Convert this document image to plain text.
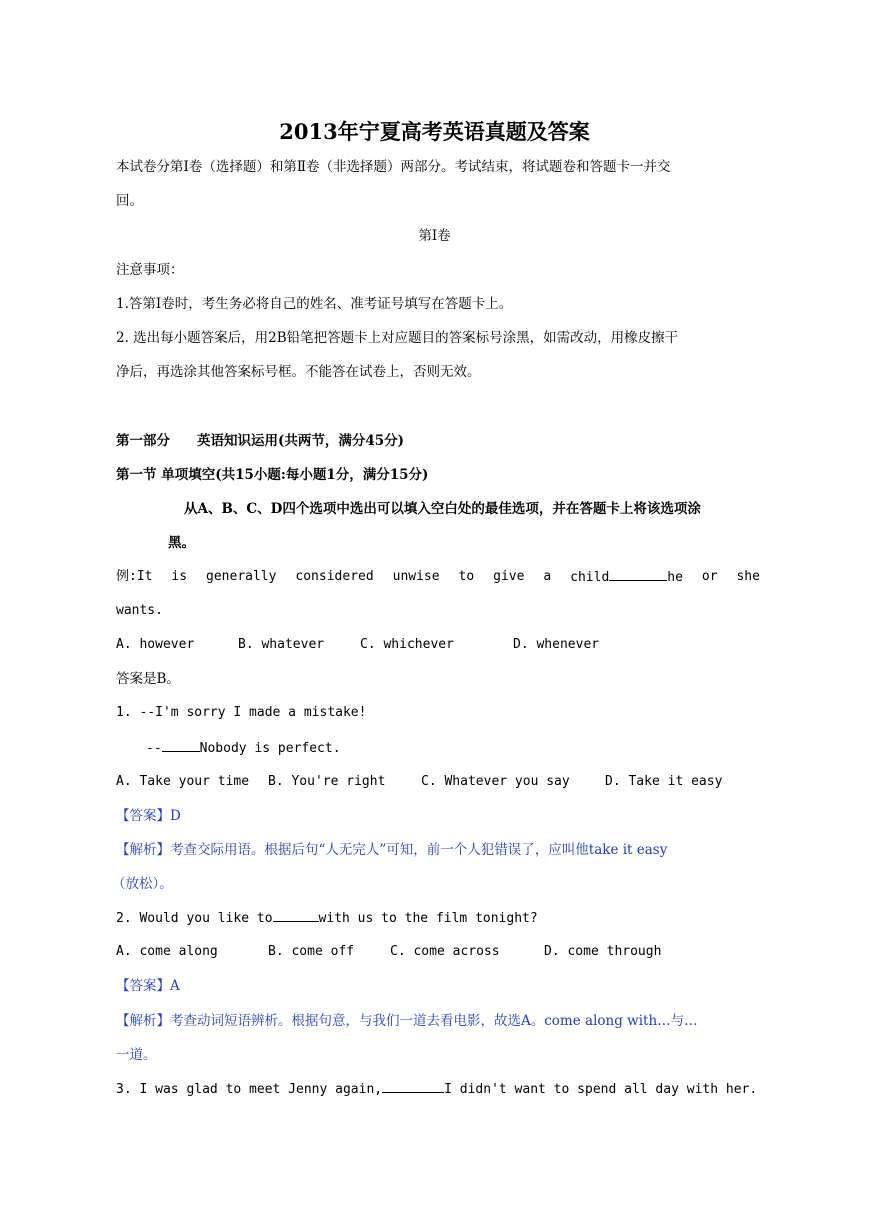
2013年宁夏高考英语真题及答案
本试卷分第Ⅰ卷（选择题）和第Ⅱ卷（非选择题）两部分。考试结束，将试题卷和答题卡一并交
回。
第Ⅰ卷
注意事项：
1.答第Ⅰ卷时，考生务必将自己的姓名、准考证号填写在答题卡上。
2. 选出每小题答案后，用2B铅笔把答题卡上对应题目的答案标号涂黑，如需改动，用橡皮擦干
净后，再选涂其他答案标号框。不能答在试卷上，否则无效。
第一部分　　英语知识运用(共两节，满分45分)
第一节 单项填空(共15小题:每小题1分，满分15分)
从A、B、C、D四个选项中选出可以填入空白处的最佳选项，并在答题卡上将该选项涂
黑。
例:It is generally considered unwise to give a child	he or she
wants.
A. however	B. whatever	C. whichever	D. whenever
答案是B。
1. --I'm sorry I made a mistake!
--	Nobody is perfect.
A. Take your time B. You're right	C. Whatever you say	D. Take it easy
【答案】D
【解析】考查交际用语。根据后句“人无完人”可知，前一个人犯错误了，应叫他take it easy
（放松）。
2. Would you like to	with us to the film tonight?
A. come along	B. come off	C. come across	D. come through
【答案】A
【解析】考查动词短语辨析。根据句意，与我们一道去看电影，故选A。come along with…与…
一道。
3. I was glad to meet Jenny again,	I didn't want to spend all day with her.
